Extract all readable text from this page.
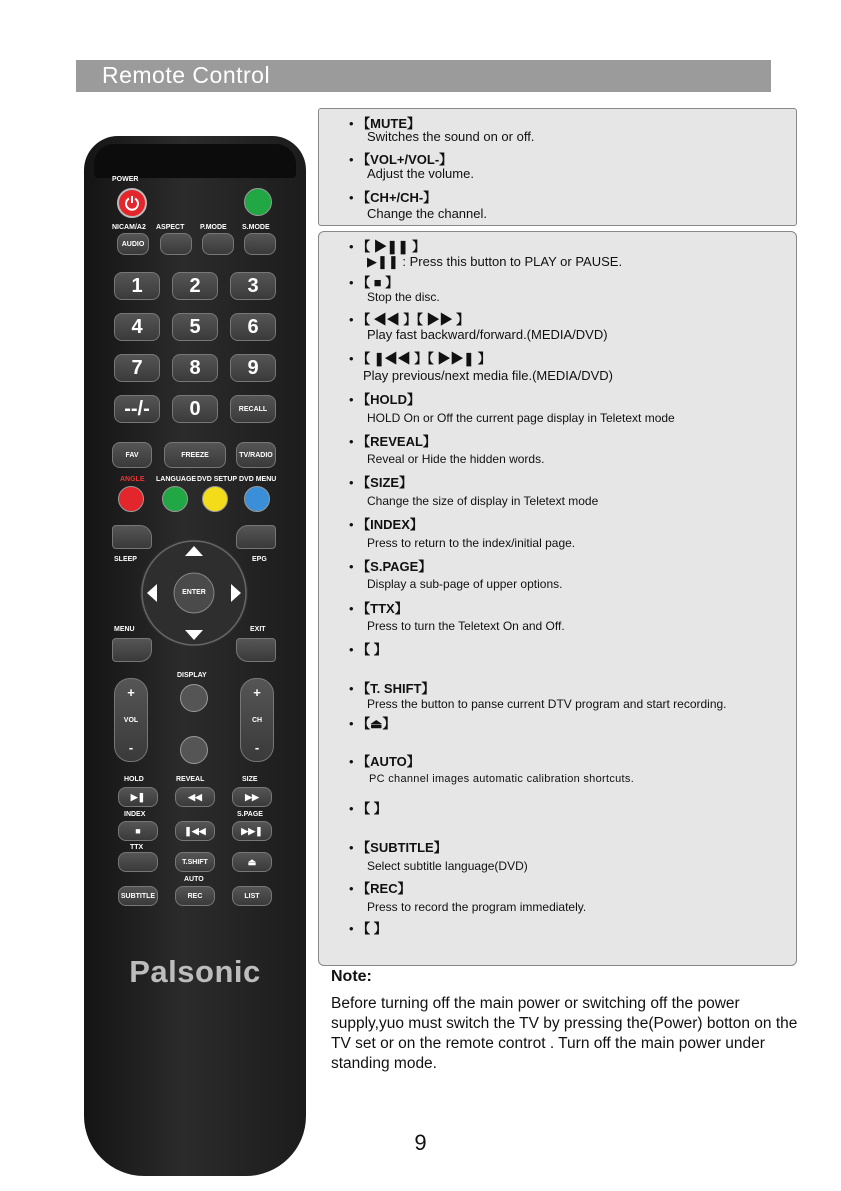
Remote Control
POWER
NICAM/A2 ASPECT P.MODE S.MODE
AUDIO
1	2	3
4	5	6
7	8	9
--/-	0	RECALL
FAV	FREEZE	TV/RADIO
ANGLE LANGUAGE DVD SETUP DVD MENU
SLEEP	EPG
ENTER
MENU	EXIT
DISPLAY
+
VOL
-
+
CH
-
HOLD	REVEAL	SIZE
▶❚	◀◀	▶▶
INDEX	S.PAGE
■	❚◀◀	▶▶❚
TTX
T.SHIFT	⏏
AUTO
SUBTITLE	REC	LIST
Palsonic
• 【MUTE】
Switches the sound on or off.
• 【VOL+/VOL-】
Adjust the volume.
• 【CH+/CH-】
Change the channel.
• 【 ▶❚❚ 】
▶❚❚ : Press this button to PLAY or PAUSE.
• 【 ■ 】
Stop the disc.
• 【 ◀◀ 】【 ▶▶ 】
Play fast backward/forward.(MEDIA/DVD)
• 【 ❚◀◀ 】【 ▶▶❚ 】
Play previous/next media file.(MEDIA/DVD)
• 【HOLD】
HOLD On or Off the current page display in Teletext mode
• 【REVEAL】
Reveal or Hide the hidden words.
• 【SIZE】
Change the size of display in Teletext mode
• 【INDEX】
Press to return to the index/initial page.
• 【S.PAGE】
Display a sub-page of upper options.
• 【TTX】
Press to turn the Teletext On and Off.
• 【 】
• 【T. SHIFT】
Press the button to panse current DTV program and start recording.
• 【⏏】
• 【AUTO】
PC channel images automatic calibration shortcuts.
• 【 】
• 【SUBTITLE】
Select subtitle language(DVD)
• 【REC】
Press to record the program immediately.
• 【 】
Note:
Before turning off the main power or switching off the power supply,yuo must switch the TV by pressing the(Power) botton on the TV set or on the remote controt . Turn off the main power under standing mode.
9
